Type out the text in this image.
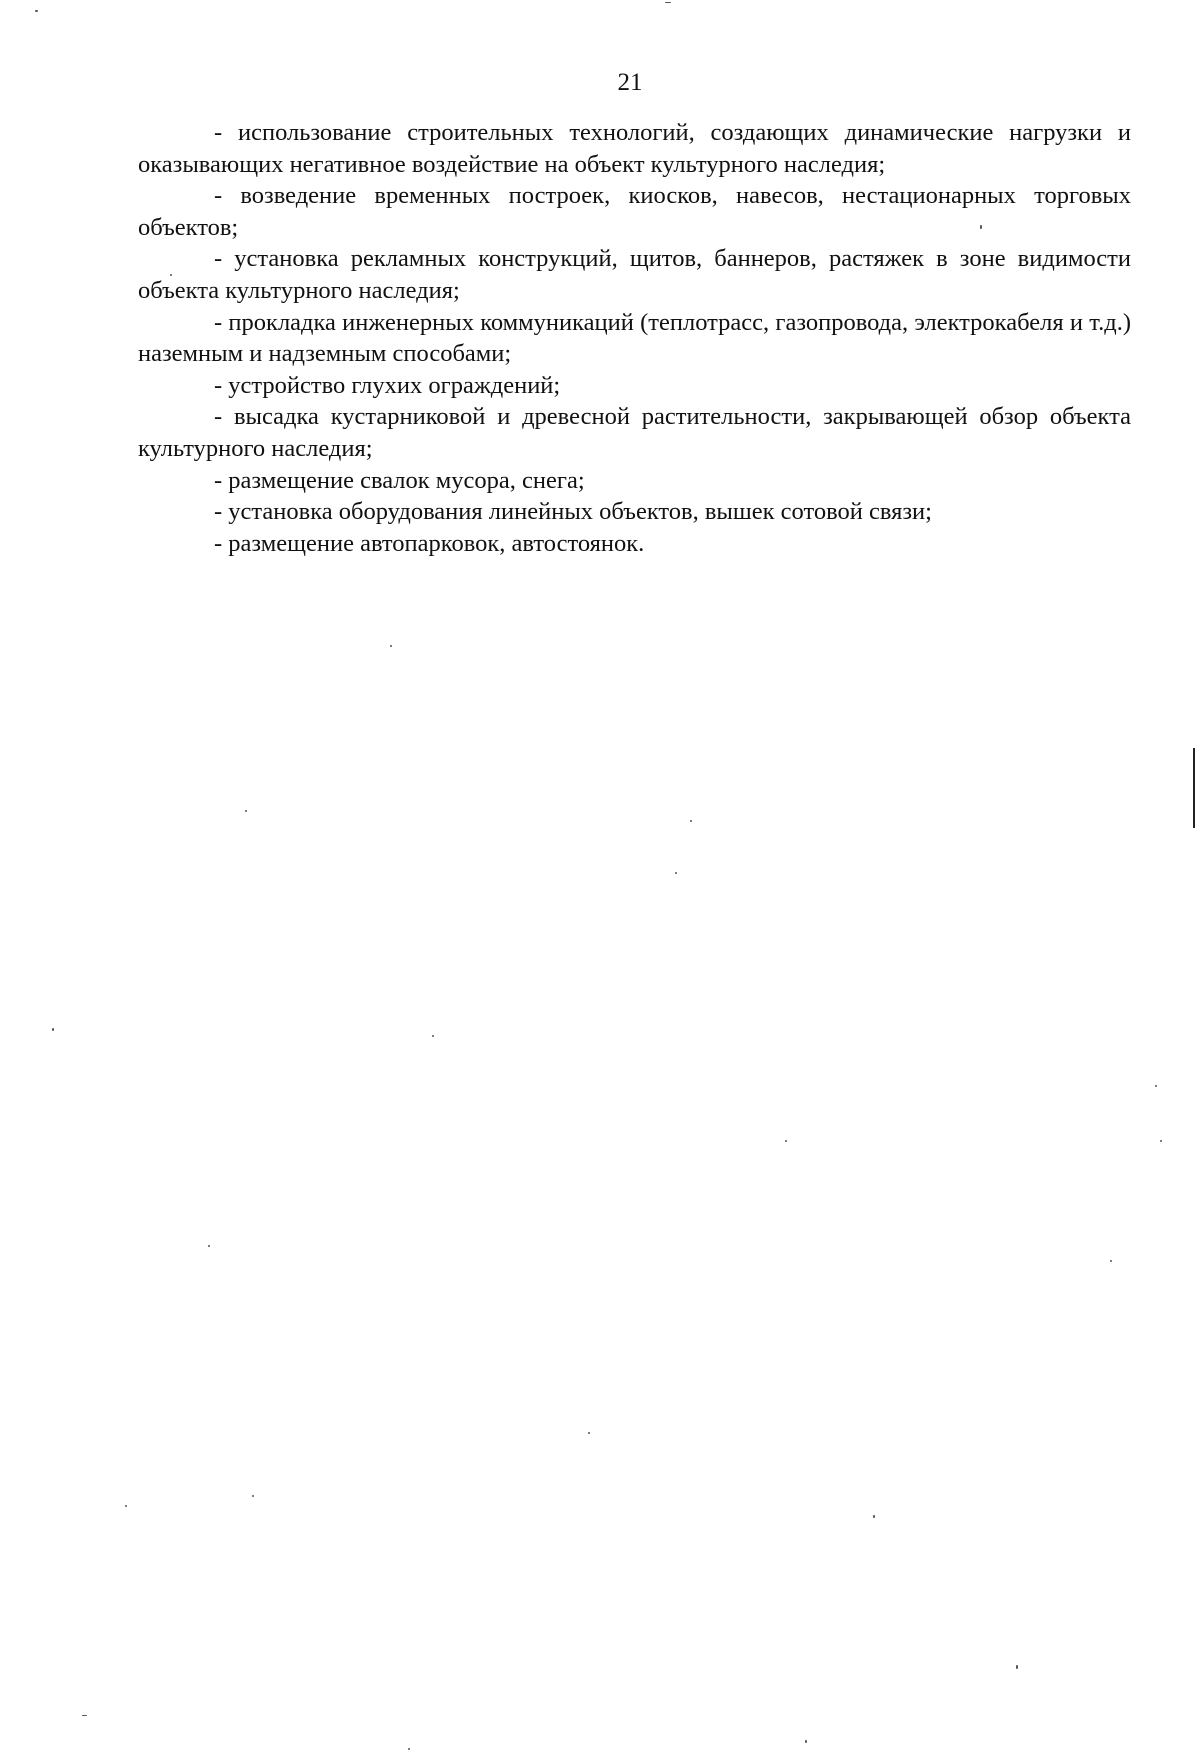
21

- использование строительных технологий, создающих динамические нагрузки и оказывающих негативное воздействие на объект культурного наследия;

- возведение временных построек, киосков, навесов, нестационарных торговых объектов;

- установка рекламных конструкций, щитов, баннеров, растяжек в зоне видимости объекта культурного наследия;

- прокладка инженерных коммуникаций (теплотрасс, газопровода, электрокабеля и т.д.) наземным и надземным способами;

- устройство глухих ограждений;

- высадка кустарниковой и древесной растительности, закрывающей обзор объекта культурного наследия;

- размещение свалок мусора, снега;

- установка оборудования линейных объектов, вышек сотовой связи;

- размещение автопарковок, автостоянок.
